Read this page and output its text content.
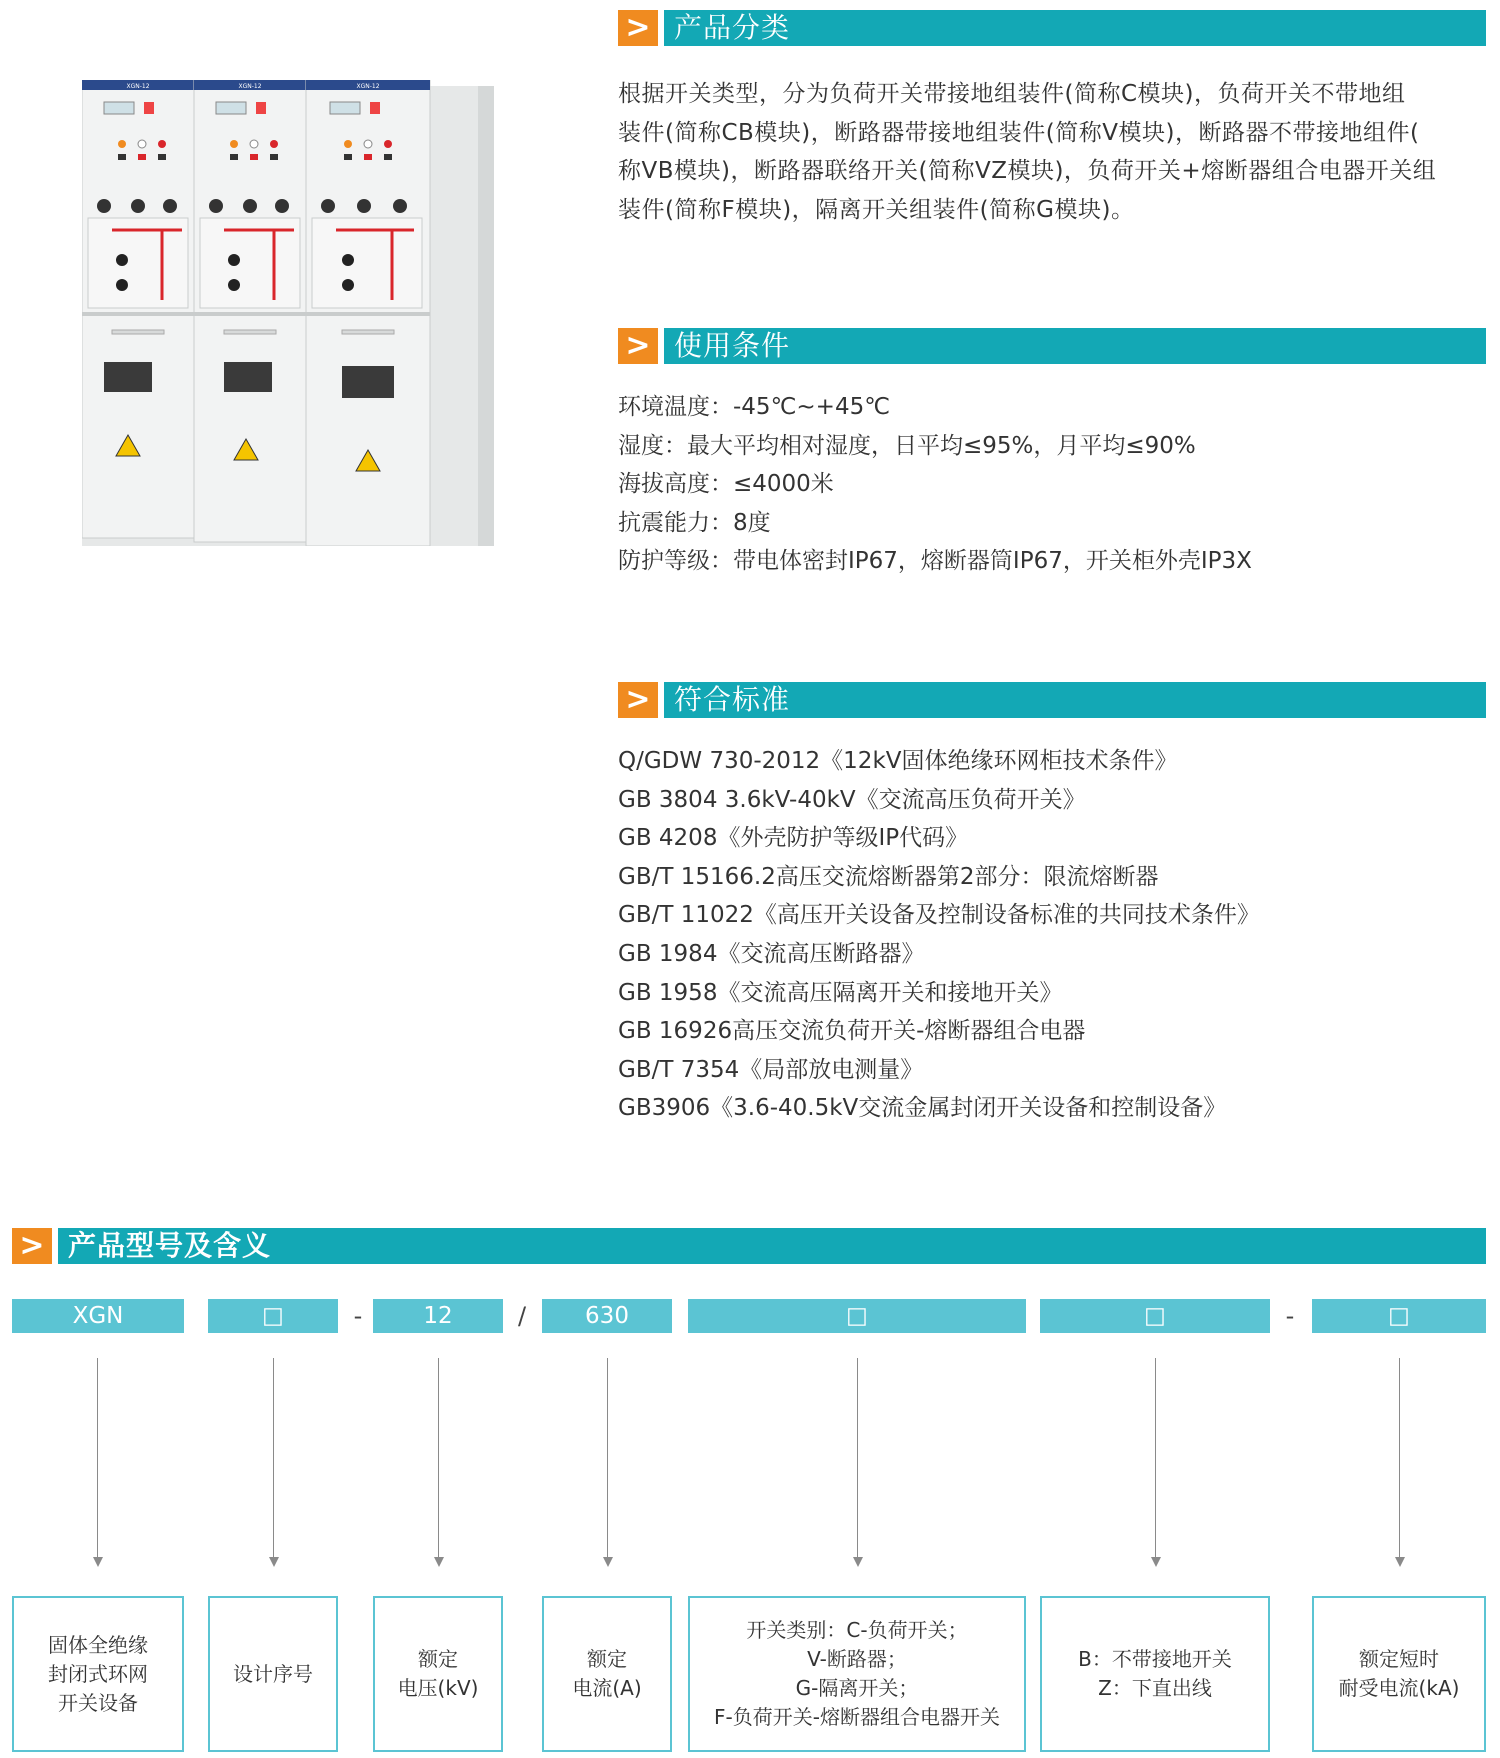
XGN-12	XGN-12	XGN-12
> 产品分类
根据开关类型，分为负荷开关带接地组装件(简称C模块)，负荷开关不带地组
装件(简称CB模块)，断路器带接地组装件(简称V模块)，断路器不带接地组件(
称VB模块)，断路器联络开关(简称VZ模块)，负荷开关+熔断器组合电器开关组
装件(简称F模块)，隔离开关组装件(简称G模块)。
> 使用条件
环境温度：-45℃~+45℃
湿度：最大平均相对湿度，日平均≤95%，月平均≤90%
海拔高度：≤4000米
抗震能力：8度
防护等级：带电体密封IP67，熔断器筒IP67，开关柜外壳IP3X
> 符合标准
Q/GDW 730-2012《12kV固体绝缘环网柜技术条件》
GB 3804 3.6kV-40kV《交流高压负荷开关》
GB 4208《外壳防护等级IP代码》
GB/T 15166.2高压交流熔断器第2部分：限流熔断器
GB/T 11022《高压开关设备及控制设备标准的共同技术条件》
GB 1984《交流高压断路器》
GB 1958《交流高压隔离开关和接地开关》
GB 16926高压交流负荷开关-熔断器组合电器
GB/T 7354《局部放电测量》
GB3906《3.6-40.5kV交流金属封闭开关设备和控制设备》
> 产品型号及含义
XGN	□	-	12	/	630	□	□	-	□
固体全绝缘
封闭式环网
开关设备
设计序号
额定
电压(kV)
额定
电流(A)
开关类别：C-负荷开关；
V-断路器；
G-隔离开关；
F-负荷开关-熔断器组合电器开关
B：不带接地开关
Z：下直出线
额定短时
耐受电流(kA)
